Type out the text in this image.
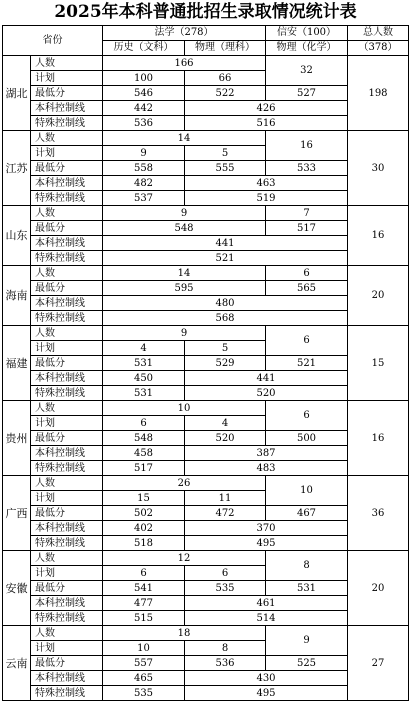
2025年本科普通批招生录取情况统计表
省份		法学（278）		信安（100）	总人数
		历史（文科）	物理（理科）	物理（化学）	（378）
湖北	人数	166		32	198
	计划	100	66		
	最低分	546	522	527	
	本科控制线	442	426		
	特殊控制线	536	516		
江苏	人数	14		16	30
	计划	9	5		
	最低分	558	555	533	
	本科控制线	482	463		
	特殊控制线	537	519		
山东	人数	9		7	16
	最低分	548		517	
	本科控制线	441			
	特殊控制线	521			
海南	人数	14		6	20
	最低分	595		565	
	本科控制线	480			
	特殊控制线	568			
福建	人数	9		6	15
	计划	4	5		
	最低分	531	529	521	
	本科控制线	450	441		
	特殊控制线	531	520		
贵州	人数	10		6	16
	计划	6	4		
	最低分	548	520	500	
	本科控制线	458	387		
	特殊控制线	517	483		
广西	人数	26		10	36
	计划	15	11		
	最低分	502	472	467	
	本科控制线	402	370		
	特殊控制线	518	495		
安徽	人数	12		8	20
	计划	6	6		
	最低分	541	535	531	
	本科控制线	477	461		
	特殊控制线	515	514		
云南	人数	18		9	27
	计划	10	8		
	最低分	557	536	525	
	本科控制线	465	430		
	特殊控制线	535	495		
